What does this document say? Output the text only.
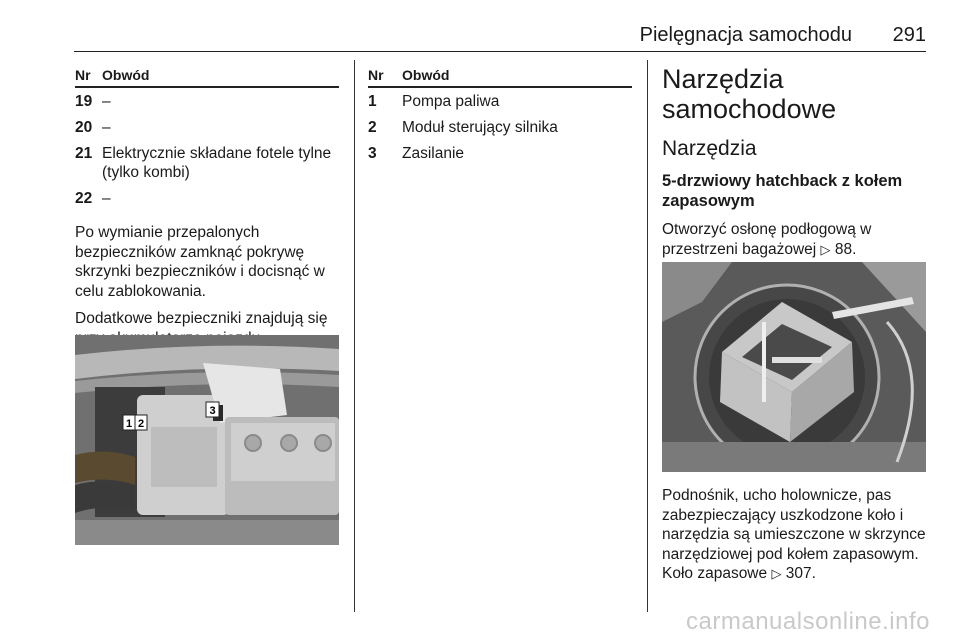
Pielęgnacja samochodu 291
Nr	Obwód
19	–
20	–
21	Elektrycznie składane fotele tylne (tylko kombi)
22	–

Po wymianie przepalonych bezpieczników zamknąć pokrywę skrzynki bezpieczników i docisnąć w celu zablokowania.

Dodatkowe bezpieczniki znajdują się

3
1 2
Nr	Obwód
1	Pompa paliwa
2	Moduł sterujący silnika
3	Zasilanie
Narzędzia samochodowe
Narzędzia
5-drzwiowy hatchback z kołem zapasowym

Otworzyć osłonę podłogową w przestrzeni bagażowej ▷ 88.

Podnośnik, ucho holownicze, pas zabezpieczający uszkodzone koło i narzędzia są umieszczone w skrzynce narzędziowej pod kołem zapasowym. Koło zapasowe ▷ 307.

carmanualsonline.info
